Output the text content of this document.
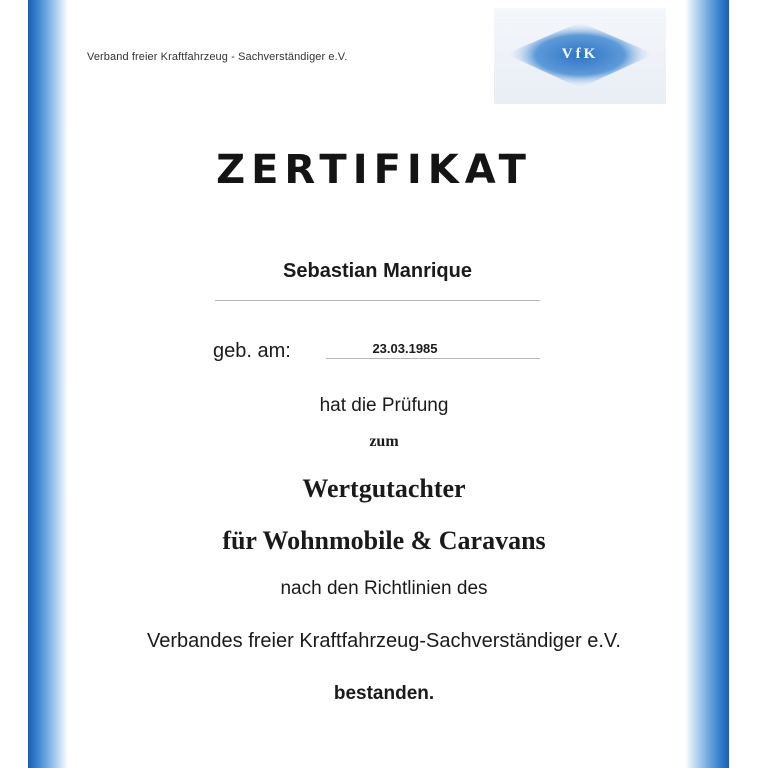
Verband freier Kraftfahrzeug - Sachverständiger e.V.	VfK
ZERTIFIKAT
Sebastian Manrique
geb. am:	23.03.1985
hat die Prüfung
zum
Wertgutachter
für Wohnmobile & Caravans
nach den Richtlinien des
Verbandes freier Kraftfahrzeug-Sachverständiger e.V.
bestanden.
